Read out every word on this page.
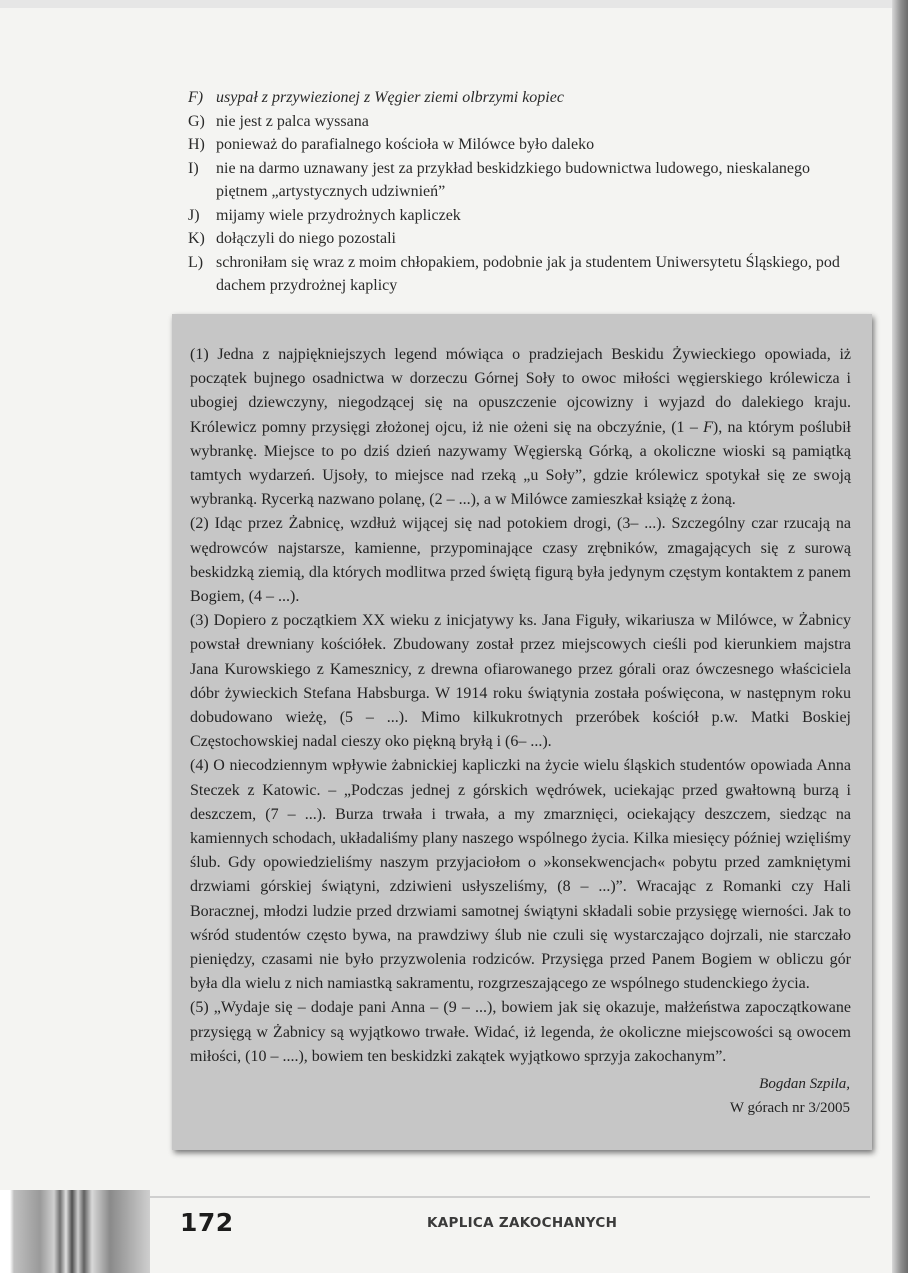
F) usypał z przywiezionej z Węgier ziemi olbrzymi kopiec
G) nie jest z palca wyssana
H) ponieważ do parafialnego kościoła w Milówce było daleko
I)	nie na darmo uznawany jest za przykład beskidzkiego budownictwa ludowego, nieskalanego piętnem „artystycznych udziwnień”
J)	mijamy wiele przydrożnych kapliczek
K) dołączyli do niego pozostali
L) schroniłam się wraz z moim chłopakiem, podobnie jak ja studentem Uniwersytetu Śląskiego, pod dachem przydrożnej kaplicy

(1) Jedna z najpiękniejszych legend mówiąca o pradziejach Beskidu Żywieckiego opowiada, iż początek bujnego osadnictwa w dorzeczu Górnej Soły to owoc miłości węgierskiego królewicza i ubogiej dziewczyny, niegodzącej się na opuszczenie ojcowizny i wyjazd do dalekiego kraju. Królewicz pomny przysięgi złożonej ojcu, iż nie ożeni się na obczyźnie, (1 – F), na którym poślubił wybrankę. Miejsce to po dziś dzień nazywamy Węgierską Górką, a okoliczne wioski są pamiątką tamtych wydarzeń. Ujsoły, to miejsce nad rzeką „u Soły”, gdzie królewicz spotykał się ze swoją wybranką. Rycerką nazwano polanę, (2 – ...), a w Milówce zamieszkał książę z żoną.

(2) Idąc przez Żabnicę, wzdłuż wijącej się nad potokiem drogi, (3– ...). Szczególny czar rzucają na wędrowców najstarsze, kamienne, przypominające czasy zrębników, zmagających się z surową beskidzką ziemią, dla których modlitwa przed świętą figurą była jedynym częstym kontaktem z panem Bogiem, (4 – ...).

(3) Dopiero z początkiem XX wieku z inicjatywy ks. Jana Figuły, wikariusza w Milówce, w Żabnicy powstał drewniany kościółek. Zbudowany został przez miejscowych cieśli pod kierunkiem majstra Jana Kurowskiego z Kamesznicy, z drewna ofiarowanego przez górali oraz ówczesnego właściciela dóbr żywieckich Stefana Habsburga. W 1914 roku świątynia została poświęcona, w następnym roku dobudowano wieżę, (5 – ...). Mimo kilkukrotnych przeróbek kościół p.w. Matki Boskiej Częstochowskiej nadal cieszy oko piękną bryłą i (6– ...).

(4) O niecodziennym wpływie żabnickiej kapliczki na życie wielu śląskich studentów opowiada Anna Steczek z Katowic. – „Podczas jednej z górskich wędrówek, uciekając przed gwałtowną burzą i deszczem, (7 – ...). Burza trwała i trwała, a my zmarznięci, ociekający deszczem, siedząc na kamiennych schodach, układaliśmy plany naszego wspólnego życia. Kilka miesięcy później wzięliśmy ślub. Gdy opowiedzieliśmy naszym przyjaciołom o »konsekwencjach« pobytu przed zamkniętymi drzwiami górskiej świątyni, zdziwieni usłyszeliśmy, (8 – ...)”. Wracając z Romanki czy Hali Boracznej, młodzi ludzie przed drzwiami samotnej świątyni składali sobie przysięgę wierności. Jak to wśród studentów często bywa, na prawdziwy ślub nie czuli się wystarczająco dojrzali, nie starczało pieniędzy, czasami nie było przyzwolenia rodziców. Przysięga przed Panem Bogiem w obliczu gór była dla wielu z nich namiastką sakramentu, rozgrzeszającego ze wspólnego studenckiego życia.

(5) „Wydaje się – dodaje pani Anna – (9 – ...), bowiem jak się okazuje, małżeństwa zapoczątkowane przysięgą w Żabnicy są wyjątkowo trwałe. Widać, iż legenda, że okoliczne miejscowości są owocem miłości, (10 – ....), bowiem ten beskidzki zakątek wyjątkowo sprzyja zakochanym”.

Bogdan Szpila,
W górach nr 3/2005
172	KAPLICA ZAKOCHANYCH
